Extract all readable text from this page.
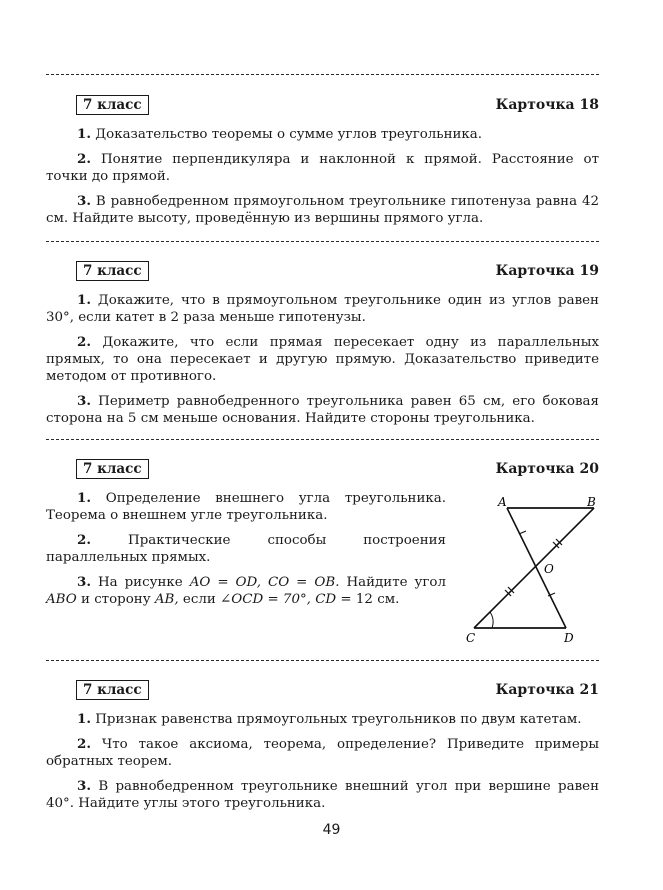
7 класс	Карточка 18

1. Доказательство теоремы о сумме углов треугольника.

2. Понятие перпендикуляра и наклонной к прямой. Расстояние от точки до прямой.

3. В равнобедренном прямоугольном треугольнике гипотенуза равна 42 см. Найдите высоту, проведённую из вершины прямого угла.

7 класс	Карточка 19

1. Докажите, что в прямоугольном треугольнике один из углов равен 30°, если катет в 2 раза меньше гипотенузы.

2. Докажите, что если прямая пересекает одну из параллельных прямых, то она пересекает и другую прямую. Доказательство приведите методом от противного.

3. Периметр равнобедренного треугольника равен 65 см, его боковая сторона на 5 см меньше основания. Найдите стороны треугольника.

7 класс	Карточка 20

1. Определение внешнего угла треугольника. Теорема о внешнем угле треугольника.

2.	Практические способы построения параллельных прямых.

3. На рисунке AO = OD, CO = OB. Найдите угол ABO и сторону AB, если ∠OCD = 70°, CD = 12 см.

A	B
O
C	D
7 класс	Карточка 21

1. Признак равенства прямоугольных треугольников по двум катетам.

2. Что такое аксиома, теорема, определение? Приведите примеры обратных теорем.

3. В равнобедренном треугольнике внешний угол при вершине равен 40°. Найдите углы этого треугольника.

49
